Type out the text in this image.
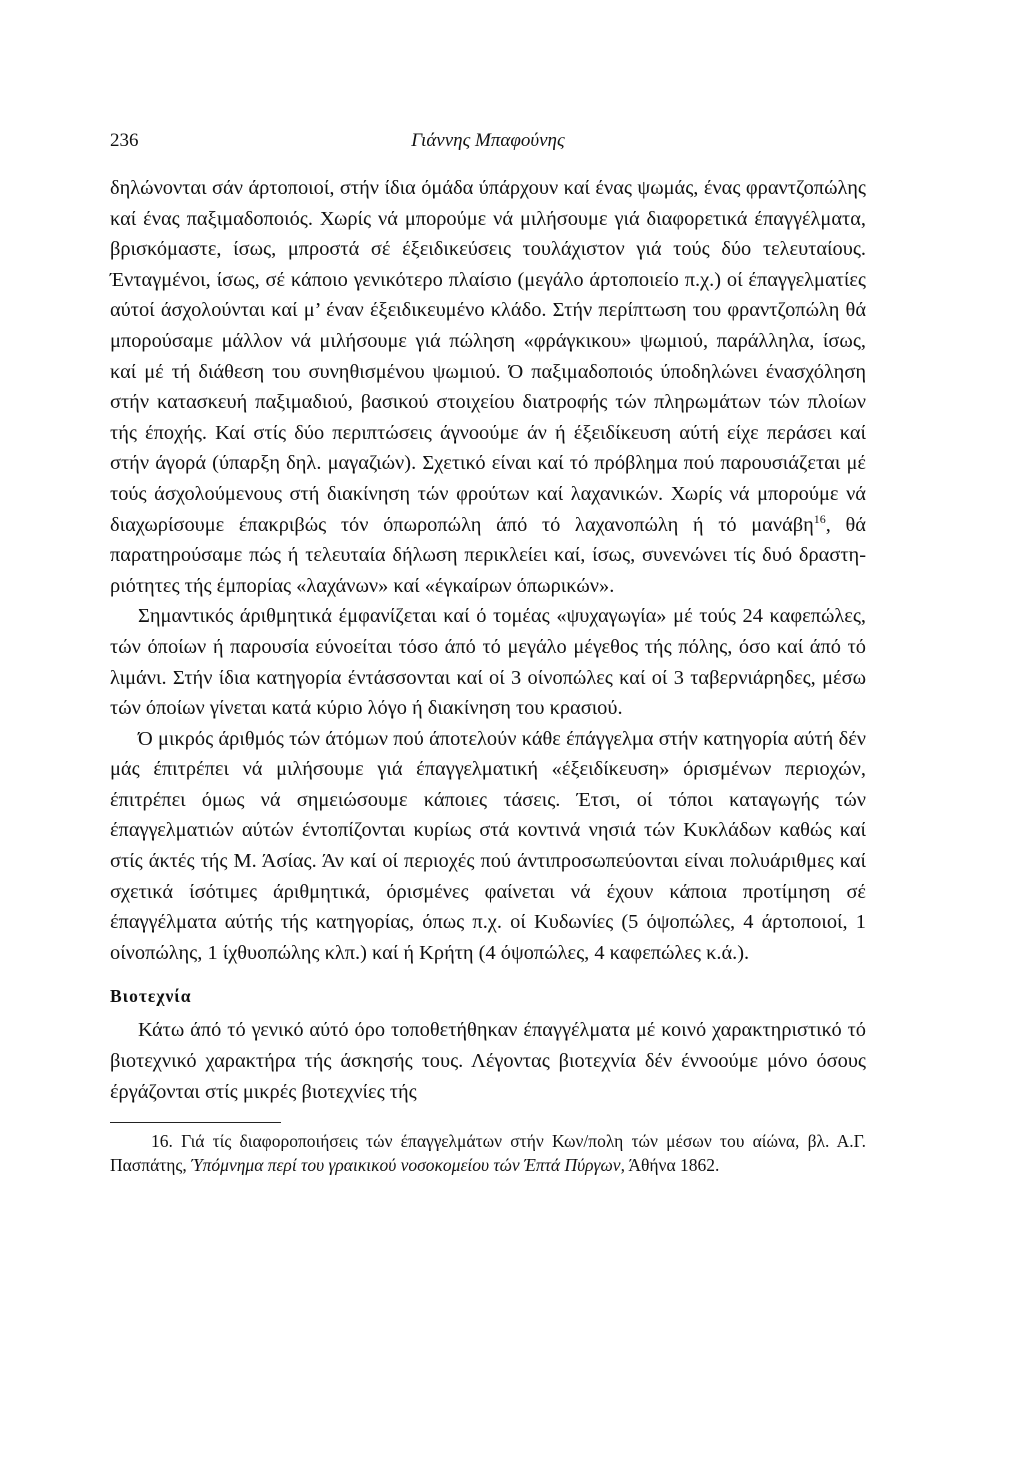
236	Γιάννης Μπαφούνης

δηλώνονται σάν άρτοποιοί, στήν ίδια όμάδα ύπάρχουν καί ένας ψωμάς, ένας φραντζοπώλης καί ένας παξιμαδοποιός. Χωρίς νά μπορούμε νά μιλήσουμε γιά διαφορετικά έπαγγέλματα, βρισκόμαστε, ίσως, μπροστά σέ έξειδικεύσεις τουλάχιστον γιά τούς δύο τελευταίους. Ένταγμένοι, ίσως, σέ κάποιο γενικότερο πλαίσιο (μεγάλο άρτοποιείο π.χ.) οί έπαγγελματίες αύτοί άσχολούνται καί μ’ έναν έξειδικευμένο κλάδο. Στήν περίπτωση του φραντζοπώλη θά μπορούσαμε μάλλον νά μιλήσουμε γιά πώληση «φράγκικου» ψωμιού, παράλληλα, ίσως, καί μέ τή διάθεση του συνηθισμένου ψωμιού. Ό παξιμαδοποιός ύποδηλώνει ένασχόληση στήν κατασκευή παξιμαδιού, βασικού στοιχείου διατροφής τών πληρωμάτων τών πλοίων τής έποχής. Καί στίς δύο περιπτώσεις άγνοούμε άν ή έξειδίκευση αύτή είχε περάσει καί στήν άγορά (ύπαρξη δηλ. μαγαζιών). Σχετικό είναι καί τό πρόβλημα πού παρουσιάζεται μέ τούς άσχολούμενους στή διακίνηση τών φρούτων καί λαχανικών. Χωρίς νά μπορούμε νά διαχωρίσουμε έπακριβώς τόν όπωροπώλη άπό τό λαχανοπώλη ή τό μανάβη$^{16}$, θά παρατηρούσαμε πώς ή τελευταία δήλωση περικλείει καί, ίσως, συνενώνει τίς δυό δραστηριότητες τής έμπορίας «λαχάνων» καί «έγκαίρων όπωρικών».

Σημαντικός άριθμητικά έμφανίζεται καί ό τομέας «ψυχαγωγία» μέ τούς 24 καφεπώλες, τών όποίων ή παρουσία εύνοείται τόσο άπό τό μεγάλο μέγεθος τής πόλης, όσο καί άπό τό λιμάνι. Στήν ίδια κατηγορία έντάσσονται καί οί 3 οίνοπώλες καί οί 3 ταβερνιάρηδες, μέσω τών όποίων γίνεται κατά κύριο λόγο ή διακίνηση του κρασιού.

Ό μικρός άριθμός τών άτόμων πού άποτελούν κάθε έπάγγελμα στήν κατηγορία αύτή δέν μάς έπιτρέπει νά μιλήσουμε γιά έπαγγελματική «έξειδίκευση» όρισμένων περιοχών, έπιτρέπει όμως νά σημειώσουμε κάποιες τάσεις. Έτσι, οί τόποι καταγωγής τών έπαγγελματιών αύτών έντοπίζονται κυρίως στά κοντινά νησιά τών Κυκλάδων καθώς καί στίς άκτές τής Μ. Άσίας. Άν καί οί περιοχές πού άντιπροσωπεύονται είναι πολυάριθμες καί σχετικά ίσότιμες άριθμητικά, όρισμένες φαίνεται νά έχουν κάποια προτίμηση σέ έπαγγέλματα αύτής τής κατηγορίας, όπως π.χ. οί Κυδωνίες (5 όψοπώλες, 4 άρτοποιοί, 1 οίνοπώλης, 1 ίχθυοπώλης κλπ.) καί ή Κρήτη (4 όψοπώλες, 4 καφεπώλες κ.ά.).

Βιοτεχνία

Κάτω άπό τό γενικό αύτό όρο τοποθετήθηκαν έπαγγέλματα μέ κοινό χαρακτηριστικό τό βιοτεχνικό χαρακτήρα τής άσκησής τους. Λέγοντας βιοτεχνία δέν έννοούμε μόνο όσους έργάζονται στίς μικρές βιοτεχνίες τής

16. Γιά τίς διαφοροποιήσεις τών έπαγγελμάτων στήν Κων/πολη τών μέσων του αίώνα, βλ. Α.Γ. Πασπάτης, Ύπόμνημα περί του γραικικού νοσοκομείου τών Έπτά Πύργων, Άθήνα 1862.
